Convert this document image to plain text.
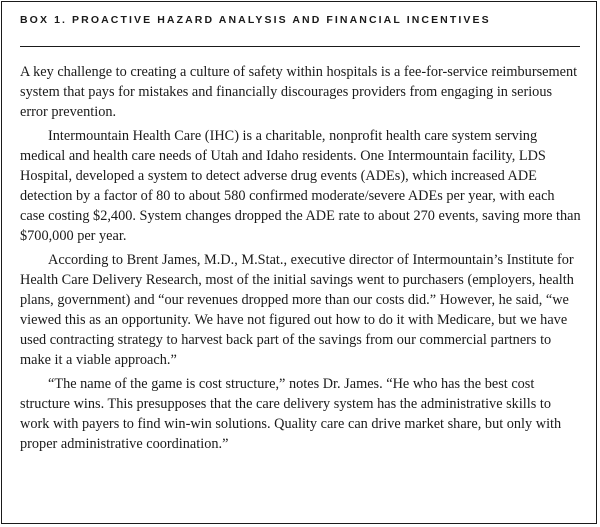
BOX 1. PROACTIVE HAZARD ANALYSIS AND FINANCIAL INCENTIVES

A key challenge to creating a culture of safety within hospitals is a fee-for-service reimbursement system that pays for mistakes and financially discourages providers from engaging in serious error prevention.

Intermountain Health Care (IHC) is a charitable, nonprofit health care system serving medical and health care needs of Utah and Idaho residents. One Intermountain facility, LDS Hospital, developed a system to detect adverse drug events (ADEs), which increased ADE detection by a factor of 80 to about 580 confirmed moderate/severe ADEs per year, with each case costing $2,400. System changes dropped the ADE rate to about 270 events, saving more than $700,000 per year.

According to Brent James, M.D., M.Stat., executive director of Intermountain’s Institute for Health Care Delivery Research, most of the initial savings went to purchasers (employers, health plans, government) and “our revenues dropped more than our costs did.” However, he said, “we viewed this as an opportunity. We have not figured out how to do it with Medicare, but we have used contracting strategy to harvest back part of the savings from our commercial partners to make it a viable approach.”

“The name of the game is cost structure,” notes Dr. James. “He who has the best cost structure wins. This presupposes that the care delivery system has the administrative skills to work with payers to find win-win solutions. Quality care can drive market share, but only with proper administrative coordination.”
